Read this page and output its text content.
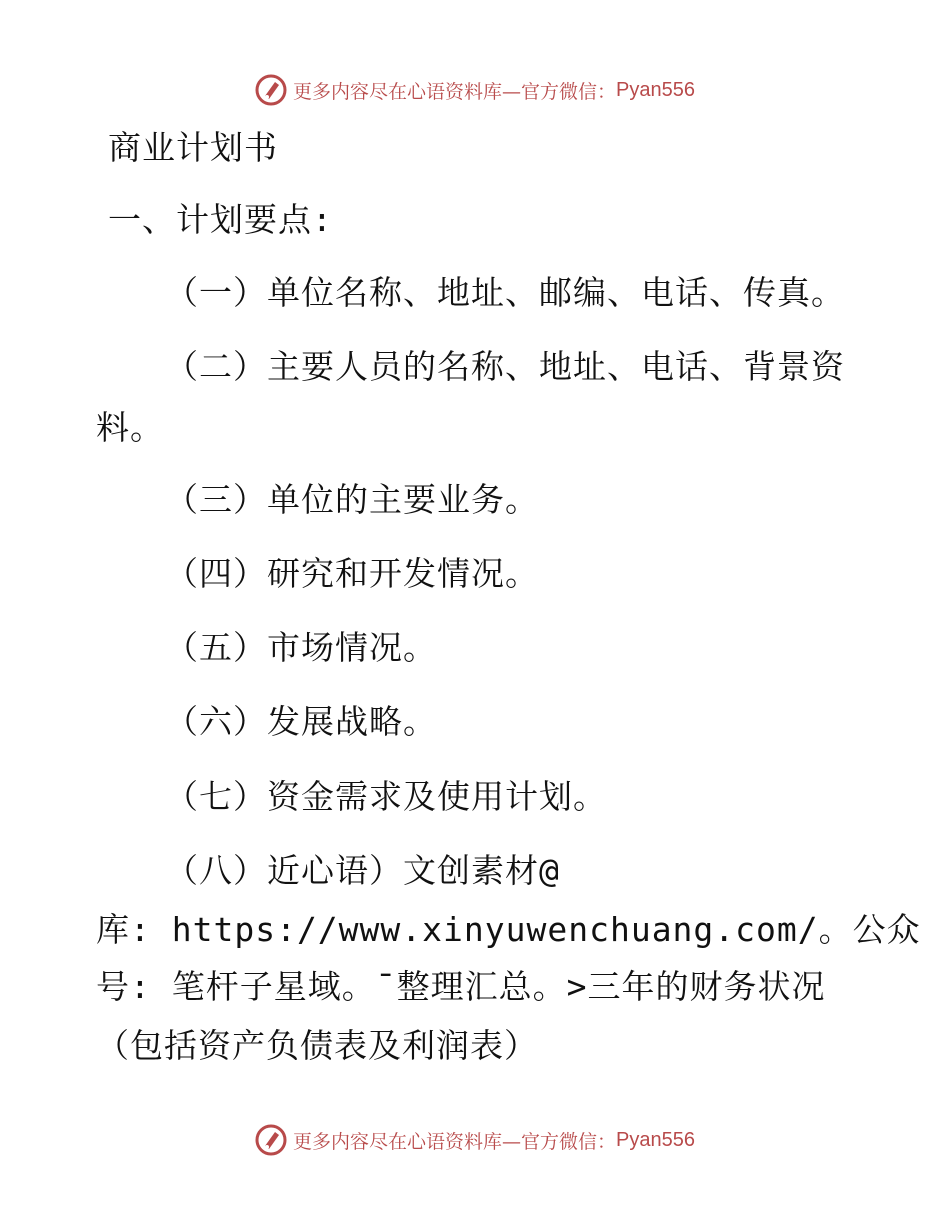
更多内容尽在心语资料库—官方微信： Pyan556
商业计划书
一、计划要点:
（一）单位名称、地址、邮编、电话、传真。
（二）主要人员的名称、地址、电话、背景资
料。
（三）单位的主要业务。
（四）研究和开发情况。
（五）市场情况。
（六）发展战略。
（七）资金需求及使用计划。
（八）近心语）文创素材@
库: https://www.xinyuwenchuang.com/。公众
号: 笔杆子星域。¯整理汇总。>三年的财务状况
（包括资产负债表及利润表）
更多内容尽在心语资料库—官方微信： Pyan556
